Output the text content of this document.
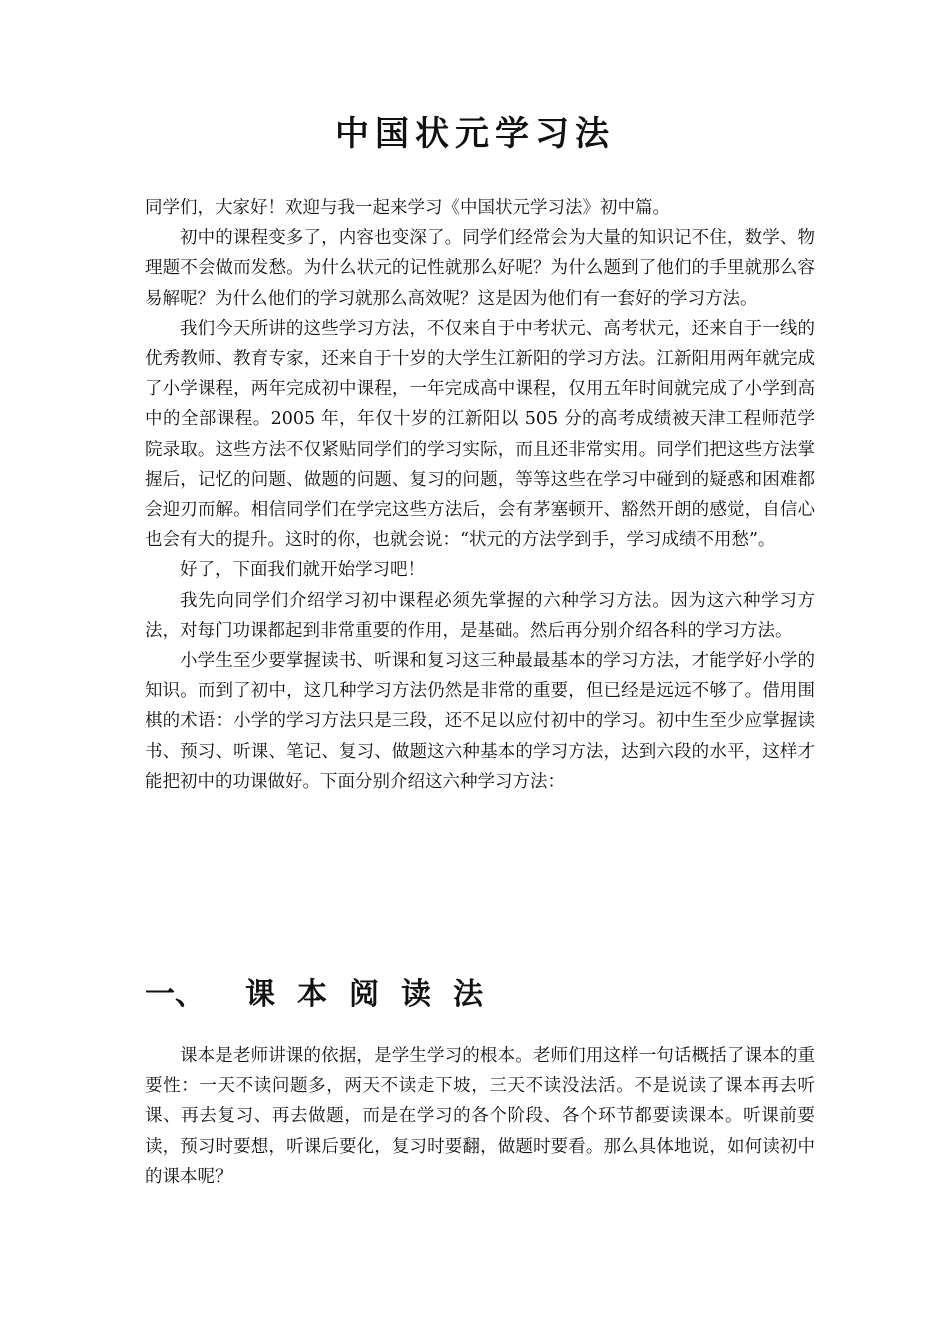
中国状元学习法

同学们，大家好！欢迎与我一起来学习《中国状元学习法》初中篇。

初中的课程变多了，内容也变深了。同学们经常会为大量的知识记不住，数学、物理题不会做而发愁。为什么状元的记性就那么好呢？为什么题到了他们的手里就那么容易解呢？为什么他们的学习就那么高效呢？这是因为他们有一套好的学习方法。

我们今天所讲的这些学习方法，不仅来自于中考状元、高考状元，还来自于一线的优秀教师、教育专家，还来自于十岁的大学生江新阳的学习方法。江新阳用两年就完成了小学课程，两年完成初中课程，一年完成高中课程，仅用五年时间就完成了小学到高中的全部课程。2005 年，年仅十岁的江新阳以 505 分的高考成绩被天津工程师范学院录取。这些方法不仅紧贴同学们的学习实际，而且还非常实用。同学们把这些方法掌握后，记忆的问题、做题的问题、复习的问题，等等这些在学习中碰到的疑惑和困难都会迎刃而解。相信同学们在学完这些方法后，会有茅塞顿开、豁然开朗的感觉，自信心也会有大的提升。这时的你，也就会说：“状元的方法学到手，学习成绩不用愁”。

好了，下面我们就开始学习吧！

我先向同学们介绍学习初中课程必须先掌握的六种学习方法。因为这六种学习方法，对每门功课都起到非常重要的作用，是基础。然后再分别介绍各科的学习方法。

小学生至少要掌握读书、听课和复习这三种最最基本的学习方法，才能学好小学的知识。而到了初中，这几种学习方法仍然是非常的重要，但已经是远远不够了。借用围棋的术语：小学的学习方法只是三段，还不足以应付初中的学习。初中生至少应掌握读书、预习、听课、笔记、复习、做题这六种基本的学习方法，达到六段的水平，这样才能把初中的功课做好。下面分别介绍这六种学习方法：

一、 课本阅读法

课本是老师讲课的依据，是学生学习的根本。老师们用这样一句话概括了课本的重要性：一天不读问题多，两天不读走下坡，三天不读没法活。不是说读了课本再去听课、再去复习、再去做题，而是在学习的各个阶段、各个环节都要读课本。听课前要读，预习时要想，听课后要化，复习时要翻，做题时要看。那么具体地说，如何读初中的课本呢？
